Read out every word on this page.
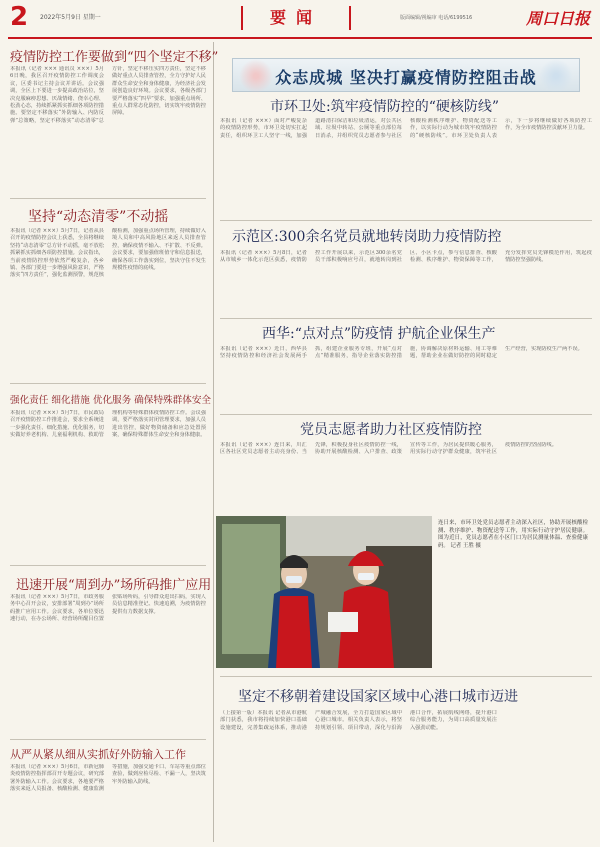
2 2022年5月9日 星期一	要闻	版面编辑/视编审 电话/6199516	周口日报
疫情防控工作要做到“四个坚定不移”
本报讯（记者 ××× 通讯员 ×××）5月6日晚，我区召开疫情防控工作调度会议，区委书记主持会议并讲话。会议强调，全区上下要进一步提高政治站位，坚决克服麻痹思想、厌战情绪、侥幸心理、松劲心态，持续抓紧抓实抓细各项防控措施。要坚定不移落实“外防输入、内防反弹”总策略，坚定不移落实“动态清零”总方针，坚定不移压实四方责任，坚定不移做好重点人员排查管控，全力守护好人民群众生命安全和身体健康，为经济社会发展创造良好环境。会议要求，各级各部门要严格落实“四早”要求，加强重点场所、重点人群常态化防控，切实筑牢疫情防控屏障。
坚持“动态清零”不动摇
本报讯（记者 ×××）5月7日，记者从县召开的疫情防控会议上获悉，全县将继续坚持“动态清零”总方针不动摇，毫不放松抓紧抓实抓细各项防控措施。会议指出，当前疫情防控形势依然严峻复杂，各乡镇、各部门要进一步增强风险意识，严格落实“四方责任”，强化监测预警，规范核酸检测，加强重点场所管理，持续做好入境人员和中高风险地区来返人员排查管控，确保疫情不输入、不扩散、不反弹。会议要求，要加强值班值守和信息报送，确保各项工作落实到位，坚决守住不发生规模性疫情的底线。
强化责任 细化措施 优化服务 确保特殊群体安全
本报讯（记者 ×××）5月7日，市民政局召开疫情防控工作推进会，要求全系统进一步强化责任、细化措施、优化服务，切实做好养老机构、儿童福利机构、救助管理机构等特殊群体疫情防控工作。会议强调，要严格落实封闭管理要求，加强人员进出管控，做好物资储备和应急处置预案，确保特殊群体生命安全和身体健康。
迅速开展“周到办”场所码推广应用
本报讯（记者 ×××）5月7日，市政务服务中心召开会议，安排部署“周到办”场所码推广应用工作。会议要求，各单位要迅速行动，在办公场所、经营场所醒目位置张贴场所码，引导群众进出扫码，实现人员信息精准登记、快速追溯，为疫情防控提供有力数据支撑。
从严从紧从细从实抓好外防输入工作
本报讯（记者 ×××）5月6日，市新冠肺炎疫情防控指挥部召开专题会议，研究部署外防输入工作。会议要求，各地要严格落实来返人员报备、核酸检测、健康监测等措施，加强交通卡口、车站等重点部位查验，做到应检尽检、不漏一人，坚决筑牢外防输入防线。
众志成城 坚决打赢疫情防控阻击战
市环卫处:筑牢疫情防控的“硬核防线”
本报讯（记者 ×××）面对严峻复杂的疫情防控形势，市环卫处切实扛起责任，组织环卫工人坚守一线，加强道路清扫保洁和垃圾清运，对公共区域、垃圾中转站、公厕等重点部位每日消杀，并组织党员志愿者参与社区核酸检测秩序维护、物资配送等工作，以实际行动为城市筑牢疫情防控的“硬核防线”。市环卫处负责人表示，下一步将继续做好各项防控工作，为全市疫情防控贡献环卫力量。
示范区:300余名党员就地转岗助力疫情防控
本报讯（记者 ×××）5月8日，记者从市城乡一体化示范区获悉，疫情防控工作开展以来，示范区300余名党员干部积极响应号召，就地转岗到社区、小区卡点，参与信息排查、核酸检测、秩序维护、物资保障等工作，充分发挥党员先锋模范作用，筑起疫情防控坚强防线。
西华:“点对点”防疫情 护航企业保生产
本报讯（记者 ×××）近日，西华县坚持疫情防控和经济社会发展两手抓，组建企业服务专班，开展“点对点”精准服务，指导企业落实防控措施，协调解决原材料运输、用工等难题，帮助企业在做好防控的同时稳定生产经营，实现防疫生产两不误。
党员志愿者助力社区疫情防控
本报讯（记者 ×××）连日来，川汇区各社区党员志愿者主动亮身份、当先锋，积极投身社区疫情防控一线，协助开展核酸检测、入户排查、政策宣传等工作，为居民提供暖心服务，用实际行动守护群众健康，筑牢社区疫情防控的坚固防线。
连日来，市环卫处党员志愿者主动深入社区，协助开展核酸检测、秩序维护、物资配送等工作，用实际行动守护居民健康。图为近日，党员志愿者在小区门口为居民测量体温、查验健康码。 记者 王胜 摄
坚定不移朝着建设国家区域中心港口城市迈进
（上接第一版）本报讯 记者从市港航部门获悉，我市将持续加快港口基础设施建设，完善集疏运体系，推动港产城融合发展，全力打造国家区域中心港口城市。相关负责人表示，将坚持规划引领、项目带动，深化与沿海港口合作，拓展航线网络，提升港口综合服务能力，为周口高质量发展注入强劲动能。
